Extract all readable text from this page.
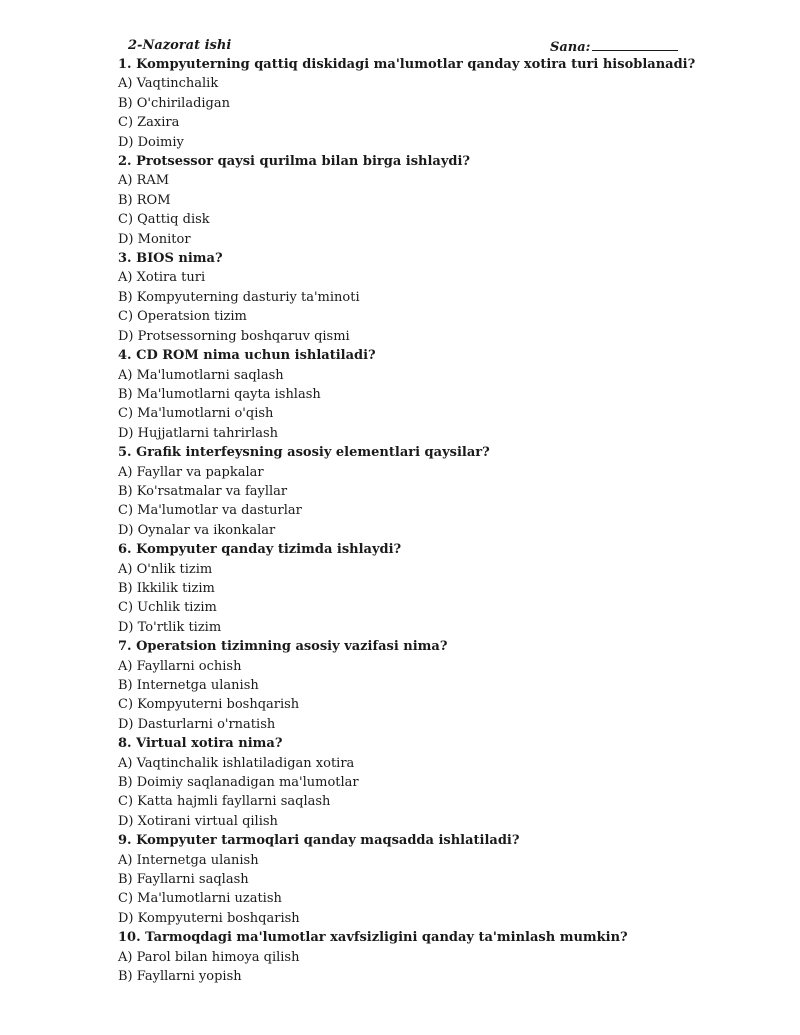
2-Nazorat ishi	Sana:
1. Kompyuterning qattiq diskidagi ma'lumotlar qanday xotira turi hisoblanadi?
A) Vaqtinchalik
B) O'chiriladigan
C) Zaxira
D) Doimiy
2. Protsessor qaysi qurilma bilan birga ishlaydi?
A) RAM
B) ROM
C) Qattiq disk
D) Monitor
3. BIOS nima?
A) Xotira turi
B) Kompyuterning dasturiy ta'minoti
C) Operatsion tizim
D) Protsessorning boshqaruv qismi
4. CD ROM nima uchun ishlatiladi?
A) Ma'lumotlarni saqlash
B) Ma'lumotlarni qayta ishlash
C) Ma'lumotlarni o'qish
D) Hujjatlarni tahrirlash
5. Grafik interfeysning asosiy elementlari qaysilar?
A) Fayllar va papkalar
B) Ko'rsatmalar va fayllar
C) Ma'lumotlar va dasturlar
D) Oynalar va ikonkalar
6. Kompyuter qanday tizimda ishlaydi?
A) O'nlik tizim
B) Ikkilik tizim
C) Uchlik tizim
D) To'rtlik tizim
7. Operatsion tizimning asosiy vazifasi nima?
A) Fayllarni ochish
B) Internetga ulanish
C) Kompyuterni boshqarish
D) Dasturlarni o'rnatish
8. Virtual xotira nima?
A) Vaqtinchalik ishlatiladigan xotira
B) Doimiy saqlanadigan ma'lumotlar
C) Katta hajmli fayllarni saqlash
D) Xotirani virtual qilish
9. Kompyuter tarmoqlari qanday maqsadda ishlatiladi?
A) Internetga ulanish
B) Fayllarni saqlash
C) Ma'lumotlarni uzatish
D) Kompyuterni boshqarish
10. Tarmoqdagi ma'lumotlar xavfsizligini qanday ta'minlash mumkin?
A) Parol bilan himoya qilish
B) Fayllarni yopish
